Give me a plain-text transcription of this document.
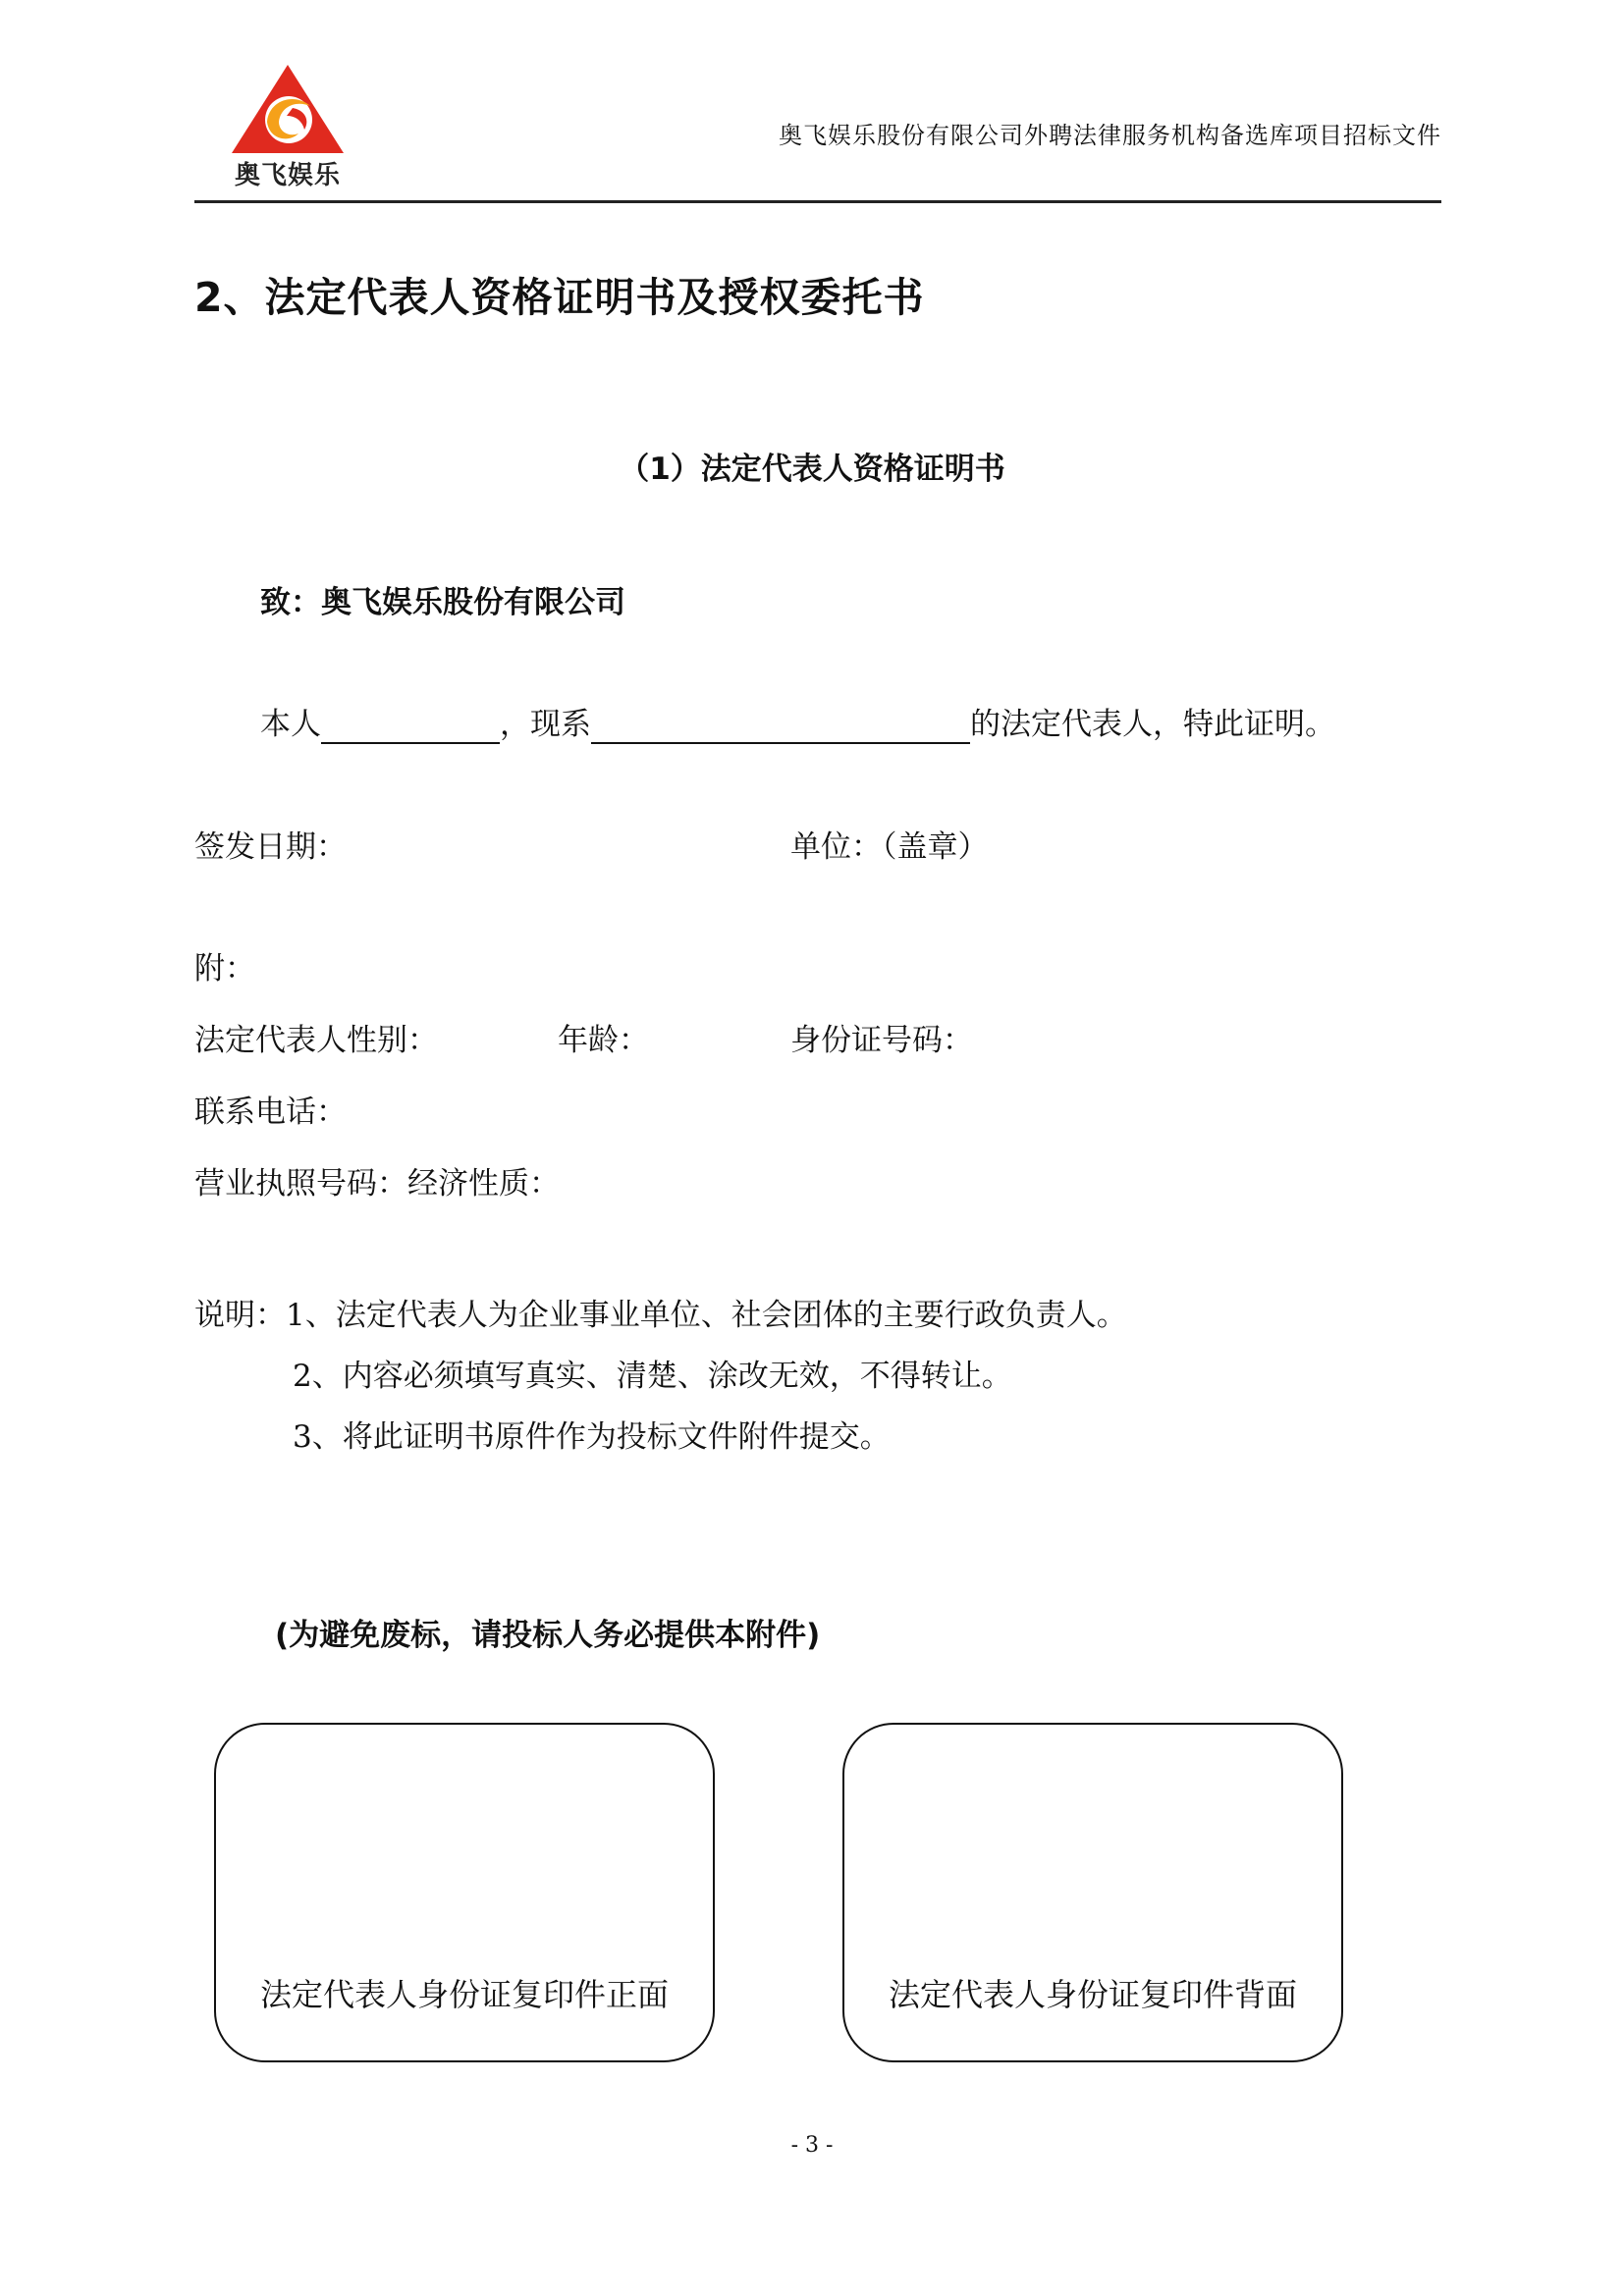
奥飞娱乐
奥飞娱乐股份有限公司外聘法律服务机构备选库项目招标文件
2、法定代表人资格证明书及授权委托书
（1）法定代表人资格证明书
致：奥飞娱乐股份有限公司
本人	，现系	的法定代表人，特此证明。
签发日期：	单位：（盖章）
附：
法定代表人性别：	年龄：	身份证号码：
联系电话：
营业执照号码：经济性质：
说明：1、法定代表人为企业事业单位、社会团体的主要行政负责人。
2、内容必须填写真实、清楚、涂改无效，不得转让。
3、将此证明书原件作为投标文件附件提交。
(为避免废标，请投标人务必提供本附件)
法定代表人身份证复印件正面	法定代表人身份证复印件背面
- 3 -
